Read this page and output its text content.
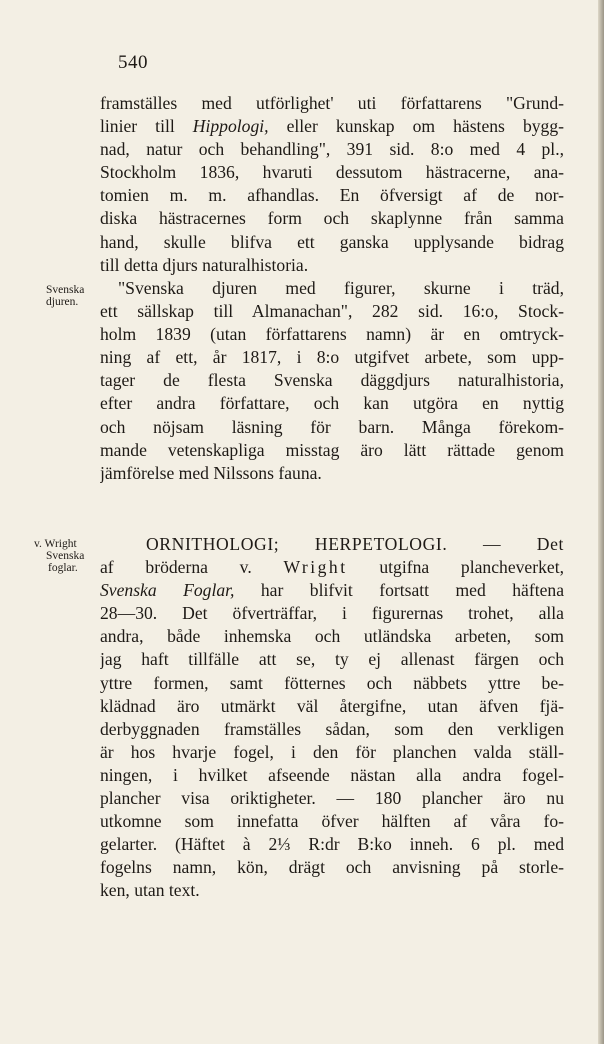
540
framställes med utförlighet' uti författarens "Grund-
linier till Hippologi, eller kunskap om hästens bygg-
nad, natur och behandling", 391 sid. 8:o med 4 pl.,
Stockholm 1836, hvaruti dessutom hästracerne, ana-
tomien m. m. afhandlas. En öfversigt af de nor-
diska hästracernes form och skaplynne från samma
hand, skulle blifva ett ganska upplysande bidrag
till detta djurs naturalhistoria.
Svenska
djuren.
"Svenska djuren med figurer, skurne i träd,
ett sällskap till Almanachan", 282 sid. 16:o, Stock-
holm 1839 (utan författarens namn) är en omtryck-
ning af ett, år 1817, i 8:o utgifvet arbete, som upp-
tager de flesta Svenska däggdjurs naturalhistoria,
efter andra författare, och kan utgöra en nyttig
och nöjsam läsning för barn. Många förekom-
mande vetenskapliga misstag äro lätt rättade genom
jämförelse med Nilssons fauna.
v. Wright
Svenska
foglar.
ORNITHOLOGI; HERPETOLOGI. — Det
af bröderna v. Wright utgifna plancheverket,
Svenska Foglar, har blifvit fortsatt med häftena
28—30. Det öfverträffar, i figurernas trohet, alla
andra, både inhemska och utländska arbeten, som
jag haft tillfälle att se, ty ej allenast färgen och
yttre formen, samt fötternes och näbbets yttre be-
klädnad äro utmärkt väl återgifne, utan äfven fjä-
derbyggnaden framställes sådan, som den verkligen
är hos hvarje fogel, i den för planchen valda ställ-
ningen, i hvilket afseende nästan alla andra fogel-
plancher visa oriktigheter. — 180 plancher äro nu
utkomne som innefatta öfver hälften af våra fo-
gelarter. (Häftet à 2⅓ R:dr B:ko inneh. 6 pl. med
fogelns namn, kön, drägt och anvisning på storle-
ken, utan text.
